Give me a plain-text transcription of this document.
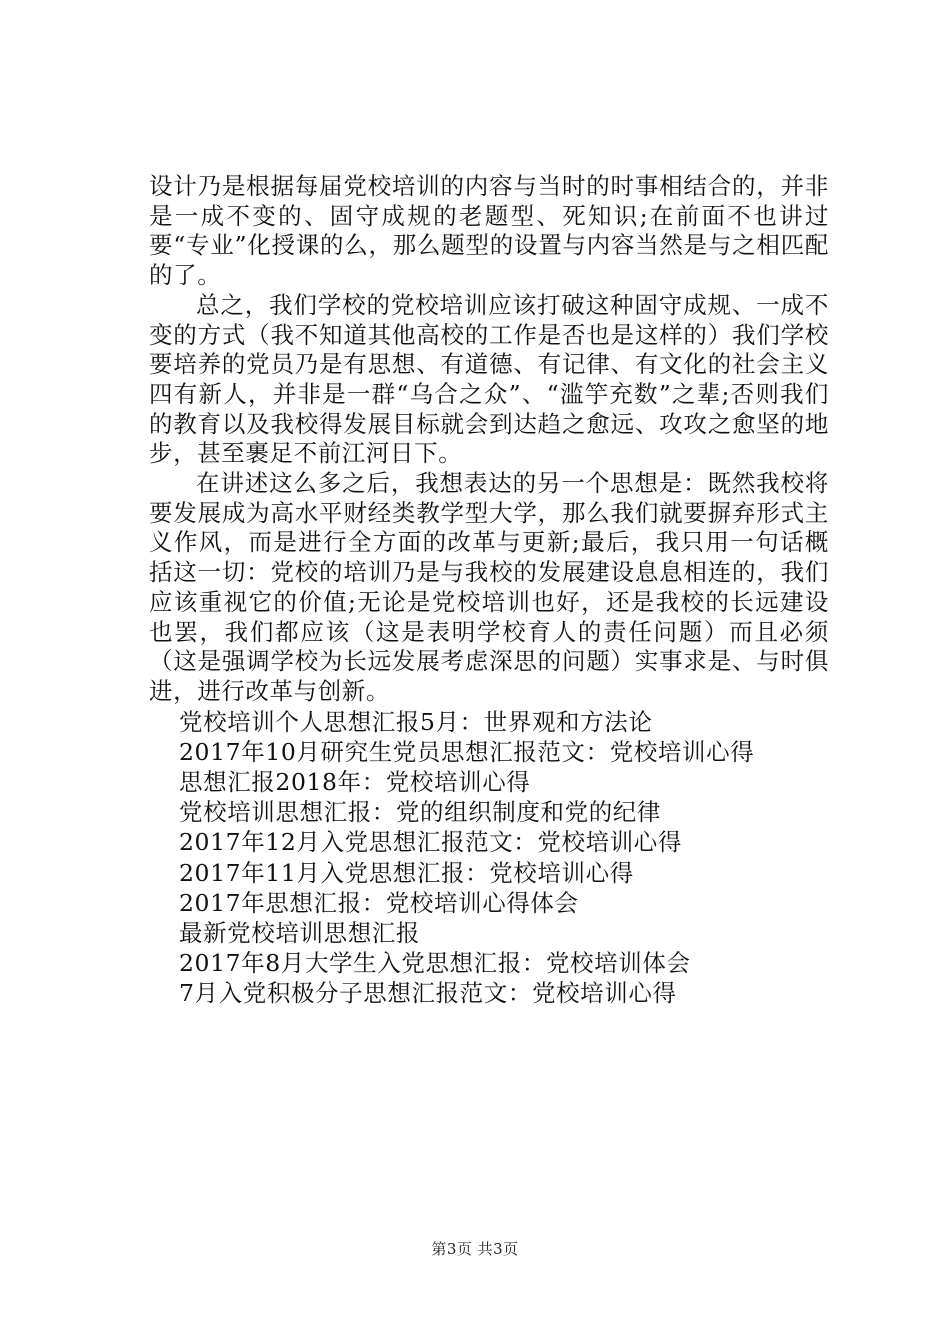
设计乃是根据每届党校培训的内容与当时的时事相结合的，并非是一成不变的、固守成规的老题型、死知识;在前面不也讲过要“专业”化授课的么，那么题型的设置与内容当然是与之相匹配的了。

总之，我们学校的党校培训应该打破这种固守成规、一成不变的方式（我不知道其他高校的工作是否也是这样的）我们学校要培养的党员乃是有思想、有道德、有记律、有文化的社会主义四有新人，并非是一群“乌合之众”、“滥竽充数”之辈;否则我们的教育以及我校得发展目标就会到达趋之愈远、攻攻之愈坚的地步，甚至裹足不前江河日下。

在讲述这么多之后，我想表达的另一个思想是：既然我校将要发展成为高水平财经类教学型大学，那么我们就要摒弃形式主义作风，而是进行全方面的改革与更新;最后，我只用一句话概括这一切：党校的培训乃是与我校的发展建设息息相连的，我们应该重视它的价值;无论是党校培训也好，还是我校的长远建设也罢，我们都应该（这是表明学校育人的责任问题）而且必须（这是强调学校为长远发展考虑深思的问题）实事求是、与时俱进，进行改革与创新。

党校培训个人思想汇报5月：世界观和方法论
2017年10月研究生党员思想汇报范文：党校培训心得
思想汇报2018年：党校培训心得
党校培训思想汇报：党的组织制度和党的纪律
2017年12月入党思想汇报范文：党校培训心得
2017年11月入党思想汇报：党校培训心得
2017年思想汇报：党校培训心得体会
最新党校培训思想汇报
2017年8月大学生入党思想汇报：党校培训体会
7月入党积极分子思想汇报范文：党校培训心得
第3页 共3页
